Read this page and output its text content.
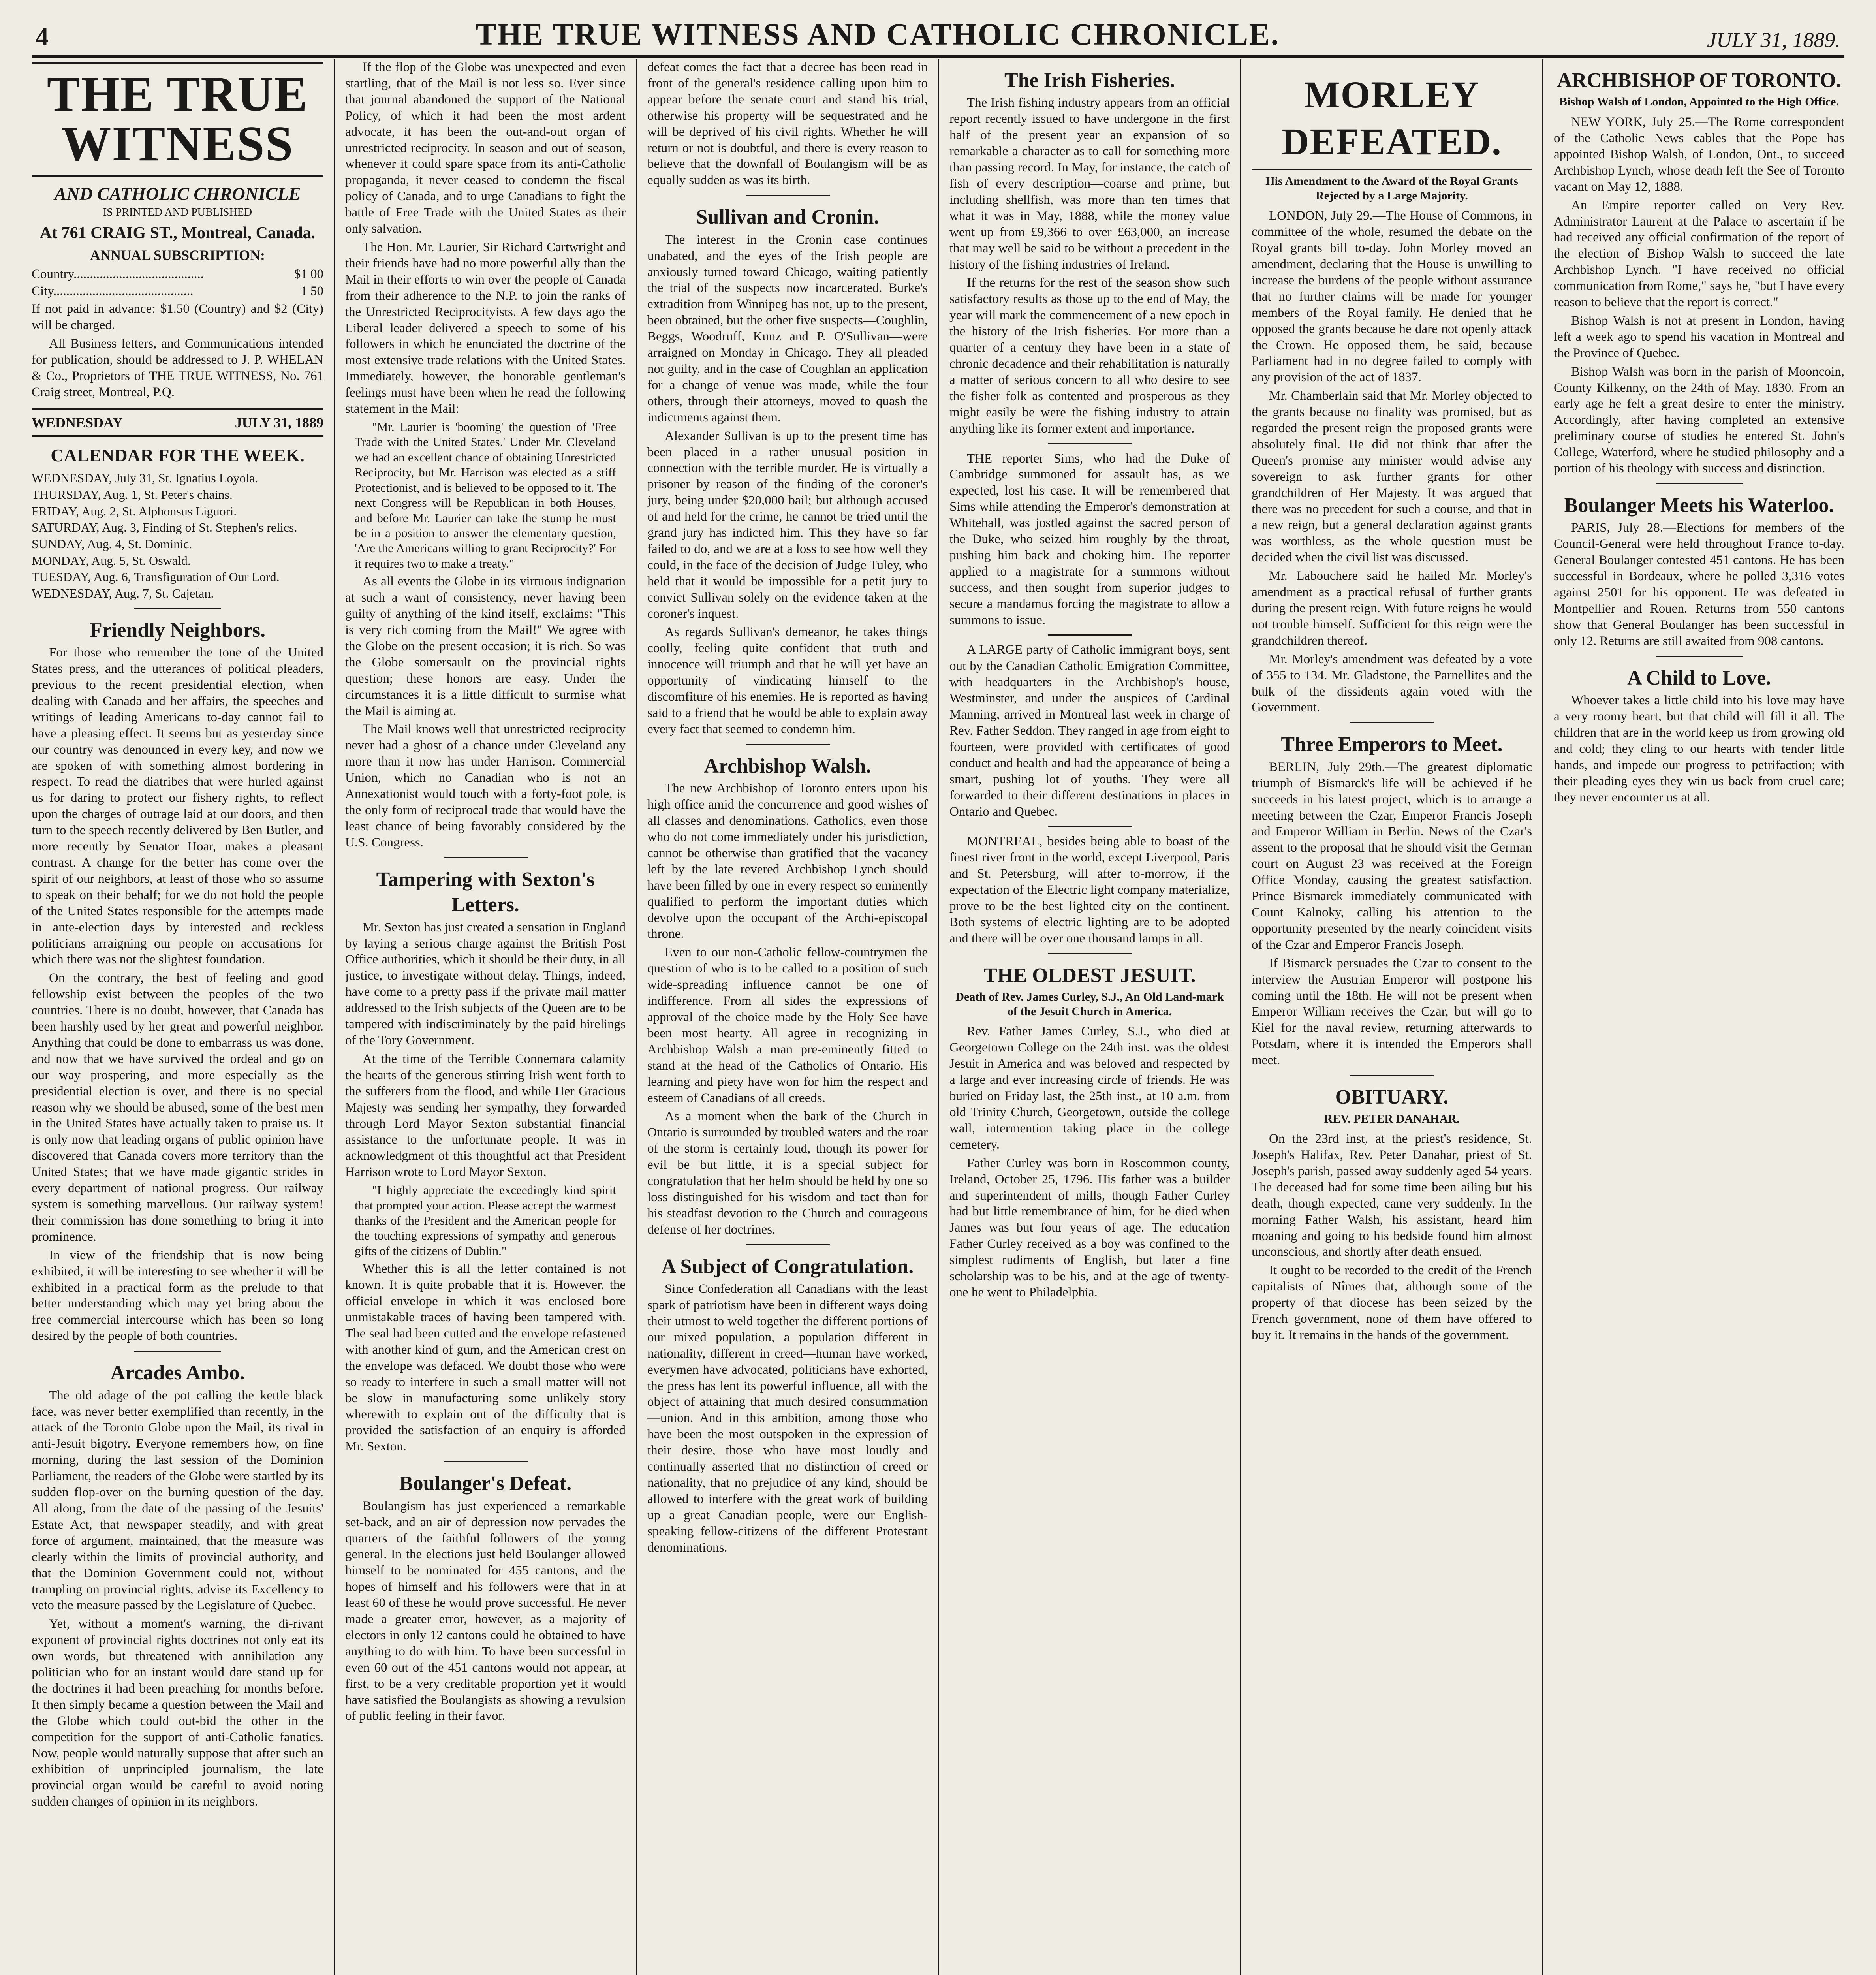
4	THE TRUE WITNESS AND CATHOLIC CHRONICLE.	JULY 31, 1889.
THE TRUE WITNESS
AND CATHOLIC CHRONICLE

IS PRINTED AND PUBLISHED

At 761 CRAIG ST., Montreal, Canada.
ANNUAL SUBSCRIPTION:
Country........................................	$1 00
City...........................................	1 50

If not paid in advance: $1.50 (Country) and $2 (City) will be charged.

All Business letters, and Communications intended for publication, should be addressed to J. P. WHELAN & Co., Proprietors of THE TRUE WITNESS, No. 761 Craig street, Montreal, P.Q.

WEDNESDAY	JULY 31, 1889
CALENDAR FOR THE WEEK.

WEDNESDAY, July 31, St. Ignatius Loyola.

THURSDAY, Aug. 1, St. Peter's chains.

FRIDAY, Aug. 2, St. Alphonsus Liguori.

SATURDAY, Aug. 3, Finding of St. Stephen's relics.

SUNDAY, Aug. 4, St. Dominic.

MONDAY, Aug. 5, St. Oswald.

TUESDAY, Aug. 6, Transfiguration of Our Lord.

WEDNESDAY, Aug. 7, St. Cajetan.

Friendly Neighbors.

For those who remember the tone of the United States press, and the utterances of political pleaders, previous to the recent presidential election, when dealing with Canada and her affairs, the speeches and writings of leading Americans to-day cannot fail to have a pleasing effect. It seems but as yesterday since our country was denounced in every key, and now we are spoken of with something almost bordering in respect. To read the diatribes that were hurled against us for daring to protect our fishery rights, to reflect upon the charges of outrage laid at our doors, and then turn to the speech recently delivered by Ben Butler, and more recently by Senator Hoar, makes a pleasant contrast. A change for the better has come over the spirit of our neighbors, at least of those who so assume to speak on their behalf; for we do not hold the people of the United States responsible for the attempts made in ante-election days by interested and reckless politicians arraigning our people on accusations for which there was not the slightest foundation.

On the contrary, the best of feeling and good fellowship exist between the peoples of the two countries. There is no doubt, however, that Canada has been harshly used by her great and powerful neighbor. Anything that could be done to embarrass us was done, and now that we have survived the ordeal and go on our way prospering, and more especially as the presidential election is over, and there is no special reason why we should be abused, some of the best men in the United States have actually taken to praise us. It is only now that leading organs of public opinion have discovered that Canada covers more territory than the United States; that we have made gigantic strides in every department of national progress. Our railway system is something marvellous. Our railway system! their commission has done something to bring it into prominence.

In view of the friendship that is now being exhibited, it will be interesting to see whether it will be exhibited in a practical form as the prelude to that better understanding which may yet bring about the free commercial intercourse which has been so long desired by the people of both countries.

Arcades Ambo.

The old adage of the pot calling the kettle black face, was never better exemplified than recently, in the attack of the Toronto Globe upon the Mail, its rival in anti-Jesuit bigotry. Everyone remembers how, on fine morning, during the last session of the Dominion Parliament, the readers of the Globe were startled by its sudden flop-over on the burning question of the day. All along, from the date of the passing of the Jesuits' Estate Act, that newspaper steadily, and with great force of argument, maintained, that the measure was clearly within the limits of provincial authority, and that the Dominion Government could not, without trampling on provincial rights, advise its Excellency to veto the measure passed by the Legislature of Quebec.

Yet, without a moment's warning, the di-rivant exponent of provincial rights doctrines not only eat its own words, but threatened with annihilation any politician who for an instant would dare stand up for the doctrines it had been preaching for months before. It then simply became a question between the Mail and the Globe which could out-bid the other in the competition for the support of anti-Catholic fanatics. Now, people would naturally suppose that after such an exhibition of unprincipled journalism, the late provincial organ would be careful to avoid noting sudden changes of opinion in its neighbors.

If the flop of the Globe was unexpected and even startling, that of the Mail is not less so. Ever since that journal abandoned the support of the National Policy, of which it had been the most ardent advocate, it has been the out-and-out organ of unrestricted reciprocity. In season and out of season, whenever it could spare space from its anti-Catholic propaganda, it never ceased to condemn the fiscal policy of Canada, and to urge Canadians to fight the battle of Free Trade with the United States as their only salvation.

The Hon. Mr. Laurier, Sir Richard Cartwright and their friends have had no more powerful ally than the Mail in their efforts to win over the people of Canada from their adherence to the N.P. to join the ranks of the Unrestricted Reciprocityists. A few days ago the Liberal leader delivered a speech to some of his followers in which he enunciated the doctrine of the most extensive trade relations with the United States. Immediately, however, the honorable gentleman's feelings must have been when he read the following statement in the Mail:

"Mr. Laurier is 'booming' the question of 'Free Trade with the United States.' Under Mr. Cleveland we had an excellent chance of obtaining Unrestricted Reciprocity, but Mr. Harrison was elected as a stiff Protectionist, and is believed to be opposed to it. The next Congress will be Republican in both Houses, and before Mr. Laurier can take the stump he must be in a position to answer the elementary question, 'Are the Americans willing to grant Reciprocity?' For it requires two to make a treaty."

As all events the Globe in its virtuous indignation at such a want of consistency, never having been guilty of anything of the kind itself, exclaims: "This is very rich coming from the Mail!" We agree with the Globe on the present occasion; it is rich. So was the Globe somersault on the provincial rights question; these honors are easy. Under the circumstances it is a little difficult to surmise what the Mail is aiming at.

The Mail knows well that unrestricted reciprocity never had a ghost of a chance under Cleveland any more than it now has under Harrison. Commercial Union, which no Canadian who is not an Annexationist would touch with a forty-foot pole, is the only form of reciprocal trade that would have the least chance of being favorably considered by the U.S. Congress.

Tampering with Sexton's Letters.

Mr. Sexton has just created a sensation in England by laying a serious charge against the British Post Office authorities, which it should be their duty, in all justice, to investigate without delay. Things, indeed, have come to a pretty pass if the private mail matter addressed to the Irish subjects of the Queen are to be tampered with indiscriminately by the paid hirelings of the Tory Government.

At the time of the Terrible Connemara calamity the hearts of the generous stirring Irish went forth to the sufferers from the flood, and while Her Gracious Majesty was sending her sympathy, they forwarded through Lord Mayor Sexton substantial financial assistance to the unfortunate people. It was in acknowledgment of this thoughtful act that President Harrison wrote to Lord Mayor Sexton.

"I highly appreciate the exceedingly kind spirit that prompted your action. Please accept the warmest thanks of the President and the American people for the touching expressions of sympathy and generous gifts of the citizens of Dublin."

Whether this is all the letter contained is not known. It is quite probable that it is. However, the official envelope in which it was enclosed bore unmistakable traces of having been tampered with. The seal had been cutted and the envelope refastened with another kind of gum, and the American crest on the envelope was defaced. We doubt those who were so ready to interfere in such a small matter will not be slow in manufacturing some unlikely story wherewith to explain out of the difficulty that is provided the satisfaction of an enquiry is afforded Mr. Sexton.

Boulanger's Defeat.

Boulangism has just experienced a remarkable set-back, and an air of depression now pervades the quarters of the faithful followers of the young general. In the elections just held Boulanger allowed himself to be nominated for 455 cantons, and the hopes of himself and his followers were that in at least 60 of these he would prove successful. He never made a greater error, however, as a majority of electors in only 12 cantons could he obtained to have anything to do with him. To have been successful in even 60 out of the 451 cantons would not appear, at first, to be a very creditable proportion yet it would have satisfied the Boulangists as showing a revulsion of public feeling in their favor.

defeat comes the fact that a decree has been read in front of the general's residence calling upon him to appear before the senate court and stand his trial, otherwise his property will be sequestrated and he will be deprived of his civil rights. Whether he will return or not is doubtful, and there is every reason to believe that the downfall of Boulangism will be as equally sudden as was its birth.

Sullivan and Cronin.

The interest in the Cronin case continues unabated, and the eyes of the Irish people are anxiously turned toward Chicago, waiting patiently the trial of the suspects now incarcerated. Burke's extradition from Winnipeg has not, up to the present, been obtained, but the other five suspects—Coughlin, Beggs, Woodruff, Kunz and P. O'Sullivan—were arraigned on Monday in Chicago. They all pleaded not guilty, and in the case of Coughlan an application for a change of venue was made, while the four others, through their attorneys, moved to quash the indictments against them.

Alexander Sullivan is up to the present time has been placed in a rather unusual position in connection with the terrible murder. He is virtually a prisoner by reason of the finding of the coroner's jury, being under $20,000 bail; but although accused of and held for the crime, he cannot be tried until the grand jury has indicted him. This they have so far failed to do, and we are at a loss to see how well they could, in the face of the decision of Judge Tuley, who held that it would be impossible for a petit jury to convict Sullivan solely on the evidence taken at the coroner's inquest.

As regards Sullivan's demeanor, he takes things coolly, feeling quite confident that truth and innocence will triumph and that he will yet have an opportunity of vindicating himself to the discomfiture of his enemies. He is reported as having said to a friend that he would be able to explain away every fact that seemed to condemn him.

Archbishop Walsh.

The new Archbishop of Toronto enters upon his high office amid the concurrence and good wishes of all classes and denominations. Catholics, even those who do not come immediately under his jurisdiction, cannot be otherwise than gratified that the vacancy left by the late revered Archbishop Lynch should have been filled by one in every respect so eminently qualified to perform the important duties which devolve upon the occupant of the Archi-episcopal throne.

Even to our non-Catholic fellow-countrymen the question of who is to be called to a position of such wide-spreading influence cannot be one of indifference. From all sides the expressions of approval of the choice made by the Holy See have been most hearty. All agree in recognizing in Archbishop Walsh a man pre-eminently fitted to stand at the head of the Catholics of Ontario. His learning and piety have won for him the respect and esteem of Canadians of all creeds.

As a moment when the bark of the Church in Ontario is surrounded by troubled waters and the roar of the storm is certainly loud, though its power for evil be but little, it is a special subject for congratulation that her helm should be held by one so loss distinguished for his wisdom and tact than for his steadfast devotion to the Church and courageous defense of her doctrines.

A Subject of Congratulation.

Since Confederation all Canadians with the least spark of patriotism have been in different ways doing their utmost to weld together the different portions of our mixed population, a population different in nationality, different in creed—human have worked, everymen have advocated, politicians have exhorted, the press has lent its powerful influence, all with the object of attaining that much desired consummation—union. And in this ambition, among those who have been the most outspoken in the expression of their desire, those who have most loudly and continually asserted that no distinction of creed or nationality, that no prejudice of any kind, should be allowed to interfere with the great work of building up a great Canadian people, were our English-speaking fellow-citizens of the different Protestant denominations.

The Irish Fisheries.

The Irish fishing industry appears from an official report recently issued to have undergone in the first half of the present year an expansion of so remarkable a character as to call for something more than passing record. In May, for instance, the catch of fish of every description—coarse and prime, but including shellfish, was more than ten times that what it was in May, 1888, while the money value went up from £9,366 to over £63,000, an increase that may well be said to be without a precedent in the history of the fishing industries of Ireland.

If the returns for the rest of the season show such satisfactory results as those up to the end of May, the year will mark the commencement of a new epoch in the history of the Irish fisheries. For more than a quarter of a century they have been in a state of chronic decadence and their rehabilitation is naturally a matter of serious concern to all who desire to see the fisher folk as contented and prosperous as they might easily be were the fishing industry to attain anything like its former extent and importance.

THE reporter Sims, who had the Duke of Cambridge summoned for assault has, as we expected, lost his case. It will be remembered that Sims while attending the Emperor's demonstration at Whitehall, was jostled against the sacred person of the Duke, who seized him roughly by the throat, pushing him back and choking him. The reporter applied to a magistrate for a summons without success, and then sought from superior judges to secure a mandamus forcing the magistrate to allow a summons to issue.

A LARGE party of Catholic immigrant boys, sent out by the Canadian Catholic Emigration Committee, with headquarters in the Archbishop's house, Westminster, and under the auspices of Cardinal Manning, arrived in Montreal last week in charge of Rev. Father Seddon. They ranged in age from eight to fourteen, were provided with certificates of good conduct and health and had the appearance of being a smart, pushing lot of youths. They were all forwarded to their different destinations in places in Ontario and Quebec.

MONTREAL, besides being able to boast of the finest river front in the world, except Liverpool, Paris and St. Petersburg, will after to-morrow, if the expectation of the Electric light company materialize, prove to be the best lighted city on the continent. Both systems of electric lighting are to be adopted and there will be over one thousand lamps in all.

THE OLDEST JESUIT.
Death of Rev. James Curley, S.J., An Old Land-mark of the Jesuit Church in America.

Rev. Father James Curley, S.J., who died at Georgetown College on the 24th inst. was the oldest Jesuit in America and was beloved and respected by a large and ever increasing circle of friends. He was buried on Friday last, the 25th inst., at 10 a.m. from old Trinity Church, Georgetown, outside the college wall, intermention taking place in the college cemetery.

Father Curley was born in Roscommon county, Ireland, October 25, 1796. His father was a builder and superintendent of mills, though Father Curley had but little remembrance of him, for he died when James was but four years of age. The education Father Curley received as a boy was confined to the simplest rudiments of English, but later a fine scholarship was to be his, and at the age of twenty-one he went to Philadelphia.

MORLEY DEFEATED.
His Amendment to the Award of the Royal Grants Rejected by a Large Majority.

LONDON, July 29.—The House of Commons, in committee of the whole, resumed the debate on the Royal grants bill to-day. John Morley moved an amendment, declaring that the House is unwilling to increase the burdens of the people without assurance that no further claims will be made for younger members of the Royal family. He denied that he opposed the grants because he dare not openly attack the Crown. He opposed them, he said, because Parliament had in no degree failed to comply with any provision of the act of 1837.

Mr. Chamberlain said that Mr. Morley objected to the grants because no finality was promised, but as regarded the present reign the proposed grants were absolutely final. He did not think that after the Queen's promise any minister would advise any sovereign to ask further grants for other grandchildren of Her Majesty. It was argued that there was no precedent for such a course, and that in a new reign, but a general declaration against grants was worthless, as the whole question must be decided when the civil list was discussed.

Mr. Labouchere said he hailed Mr. Morley's amendment as a practical refusal of further grants during the present reign. With future reigns he would not trouble himself. Sufficient for this reign were the grandchildren thereof.

Mr. Morley's amendment was defeated by a vote of 355 to 134. Mr. Gladstone, the Parnellites and the bulk of the dissidents again voted with the Government.

Three Emperors to Meet.

BERLIN, July 29th.—The greatest diplomatic triumph of Bismarck's life will be achieved if he succeeds in his latest project, which is to arrange a meeting between the Czar, Emperor Francis Joseph and Emperor William in Berlin. News of the Czar's assent to the proposal that he should visit the German court on August 23 was received at the Foreign Office Monday, causing the greatest satisfaction. Prince Bismarck immediately communicated with Count Kalnoky, calling his attention to the opportunity presented by the nearly coincident visits of the Czar and Emperor Francis Joseph.

If Bismarck persuades the Czar to consent to the interview the Austrian Emperor will postpone his coming until the 18th. He will not be present when Emperor William receives the Czar, but will go to Kiel for the naval review, returning afterwards to Potsdam, where it is intended the Emperors shall meet.

OBITUARY.
REV. PETER DANAHAR.

On the 23rd inst, at the priest's residence, St. Joseph's Halifax, Rev. Peter Danahar, priest of St. Joseph's parish, passed away suddenly aged 54 years. The deceased had for some time been ailing but his death, though expected, came very suddenly. In the morning Father Walsh, his assistant, heard him moaning and going to his bedside found him almost unconscious, and shortly after death ensued.

It ought to be recorded to the credit of the French capitalists of Nîmes that, although some of the property of that diocese has been seized by the French government, none of them have offered to buy it. It remains in the hands of the government.

ARCHBISHOP OF TORONTO.
Bishop Walsh of London, Appointed to the High Office.

NEW YORK, July 25.—The Rome correspondent of the Catholic News cables that the Pope has appointed Bishop Walsh, of London, Ont., to succeed Archbishop Lynch, whose death left the See of Toronto vacant on May 12, 1888.

An Empire reporter called on Very Rev. Administrator Laurent at the Palace to ascertain if he had received any official confirmation of the report of the election of Bishop Walsh to succeed the late Archbishop Lynch. "I have received no official communication from Rome," says he, "but I have every reason to believe that the report is correct."

Bishop Walsh is not at present in London, having left a week ago to spend his vacation in Montreal and the Province of Quebec.

Bishop Walsh was born in the parish of Mooncoin, County Kilkenny, on the 24th of May, 1830. From an early age he felt a great desire to enter the ministry. Accordingly, after having completed an extensive preliminary course of studies he entered St. John's College, Waterford, where he studied philosophy and a portion of his theology with success and distinction.

Boulanger Meets his Waterloo.

PARIS, July 28.—Elections for members of the Council-General were held throughout France to-day. General Boulanger contested 451 cantons. He has been successful in Bordeaux, where he polled 3,316 votes against 2501 for his opponent. He was defeated in Montpellier and Rouen. Returns from 550 cantons show that General Boulanger has been successful in only 12. Returns are still awaited from 908 cantons.

A Child to Love.

Whoever takes a little child into his love may have a very roomy heart, but that child will fill it all. The children that are in the world keep us from growing old and cold; they cling to our hearts with tender little hands, and impede our progress to petrifaction; with their pleading eyes they win us back from cruel care; they never encounter us at all.
